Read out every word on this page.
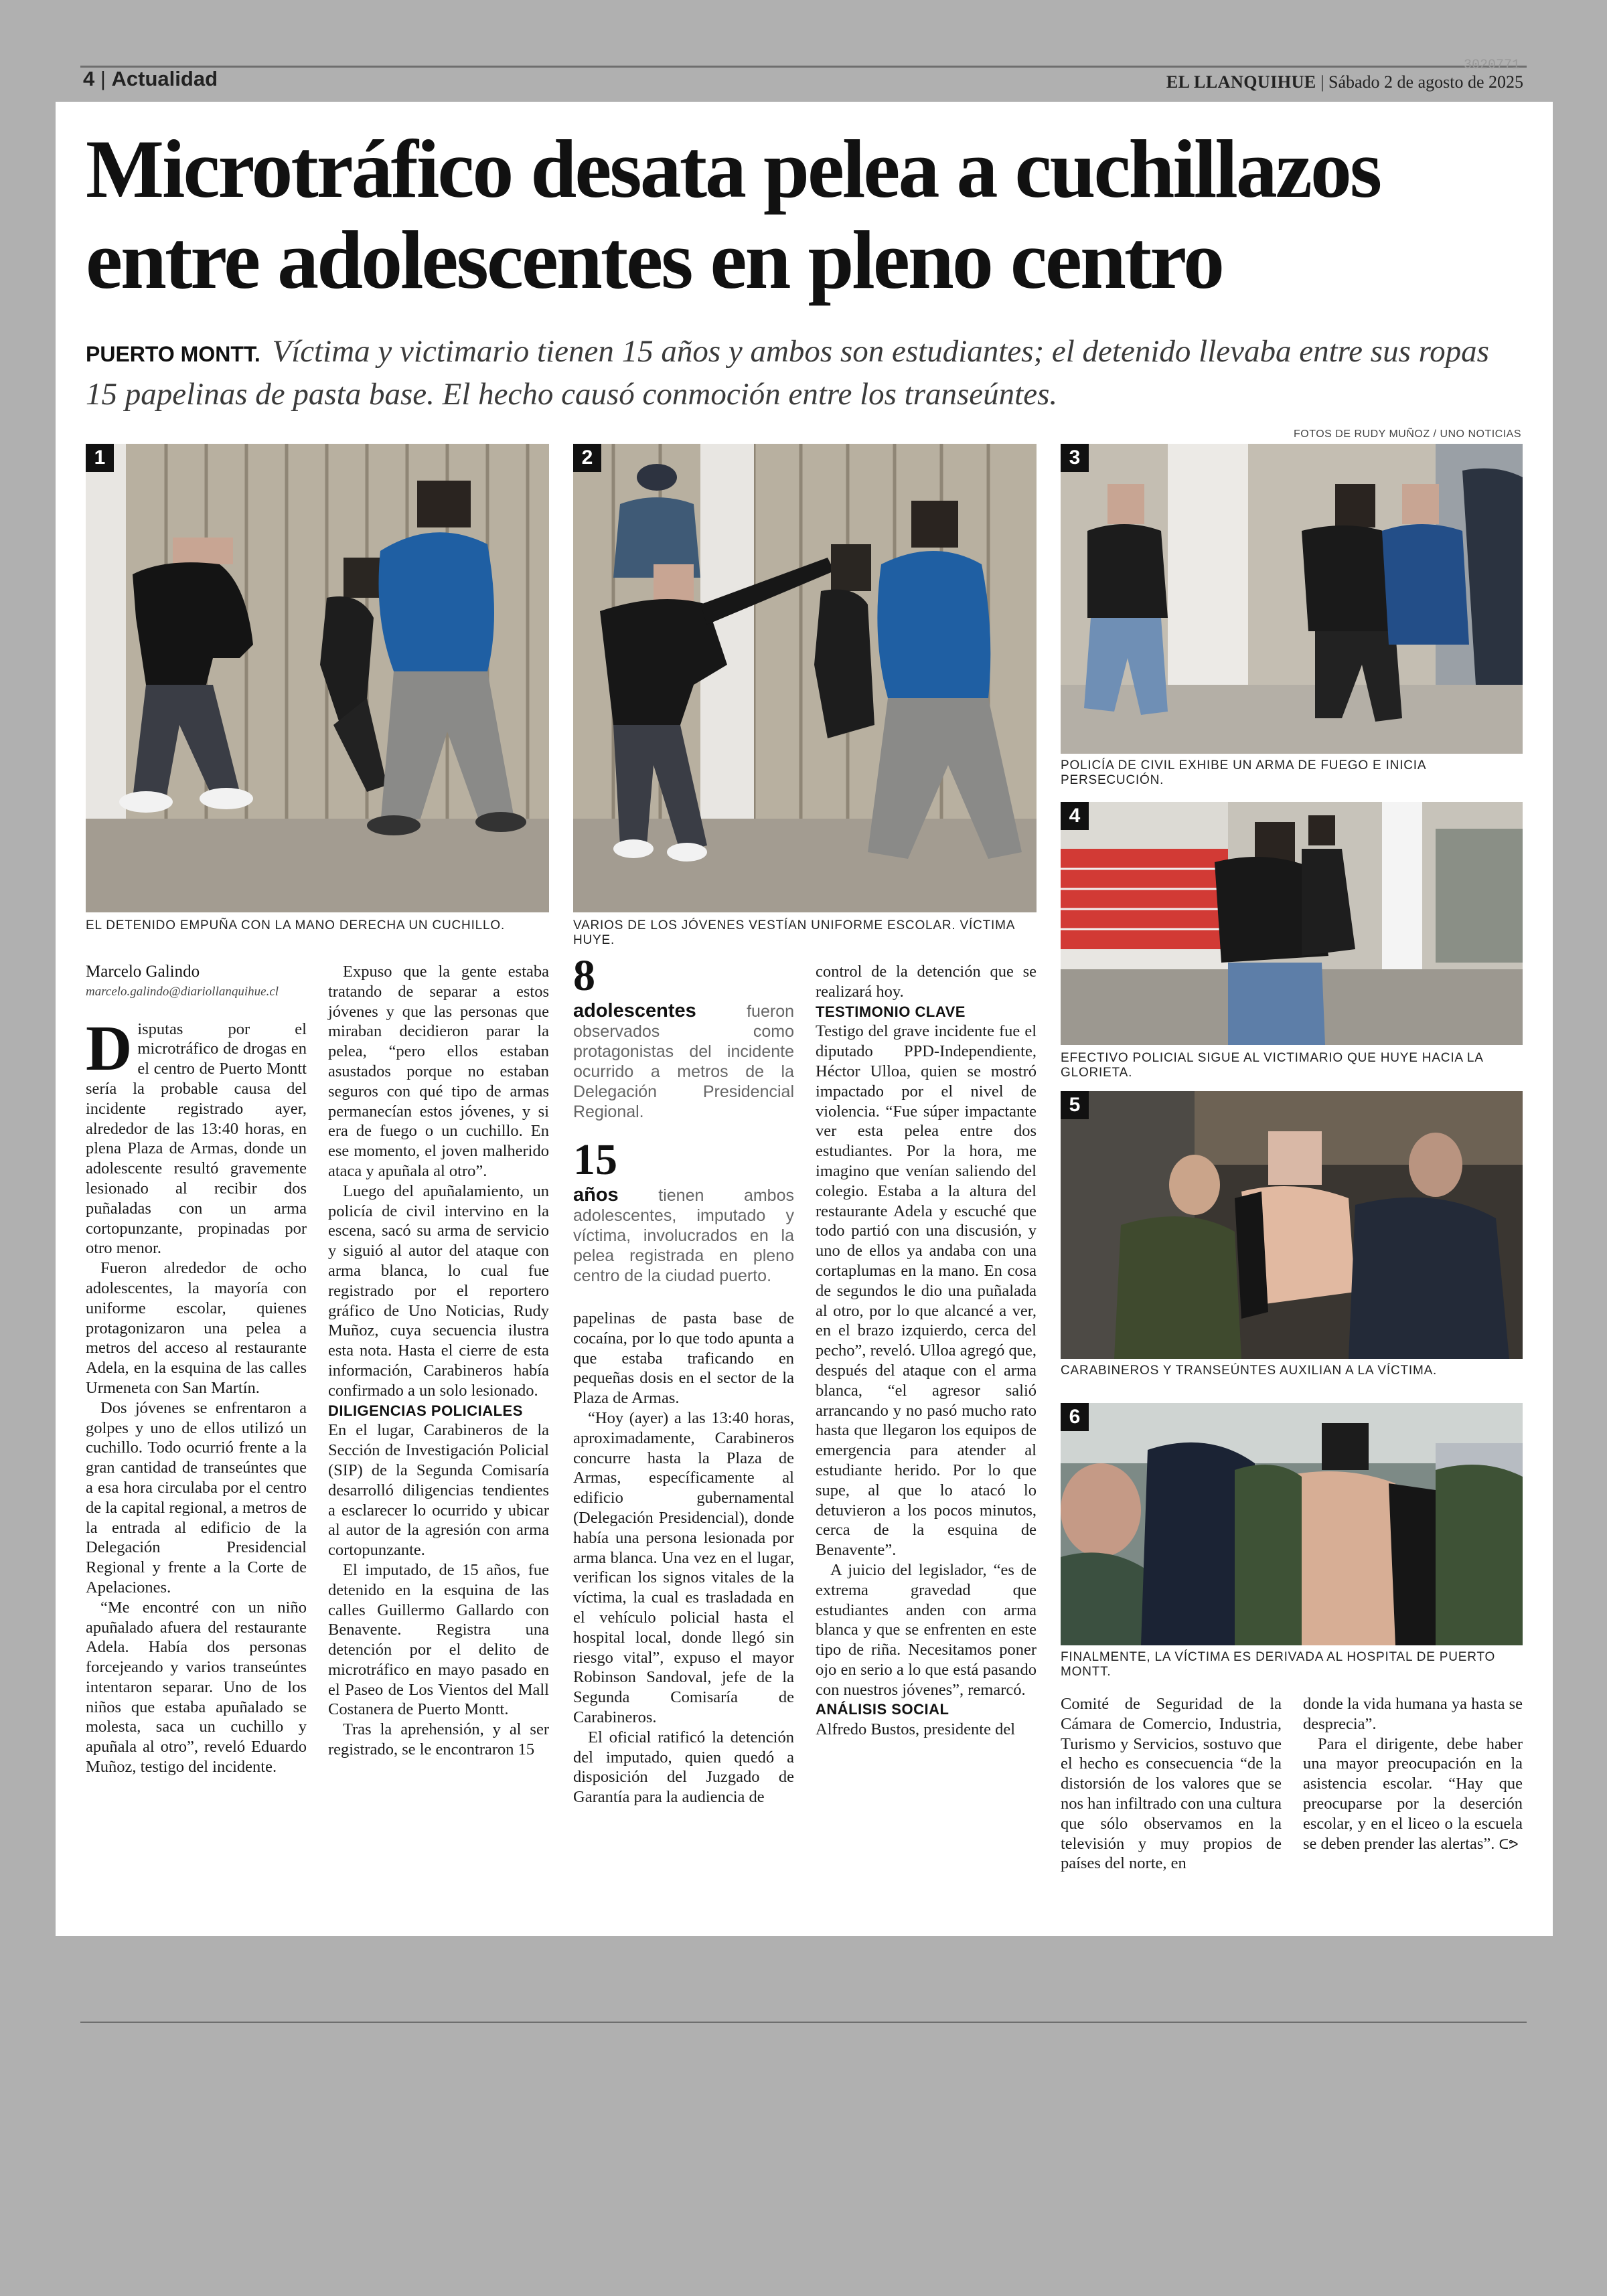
4 | Actualidad
3020771
EL LLANQUIHUE | Sábado 2 de agosto de 2025
Microtráfico desata pelea a cuchillazos entre adolescentes en pleno centro
PUERTO MONTT. Víctima y victimario tienen 15 años y ambos son estudiantes; el detenido llevaba entre sus ropas 15 papelinas de pasta base. El hecho causó conmoción entre los transeúntes.
FOTOS DE RUDY MUÑOZ / UNO NOTICIAS
1
EL DETENIDO EMPUÑA CON LA MANO DERECHA UN CUCHILLO.
2
VARIOS DE LOS JÓVENES VESTÍAN UNIFORME ESCOLAR. VÍCTIMA HUYE.
3
POLICÍA DE CIVIL EXHIBE UN ARMA DE FUEGO E INICIA PERSECUCIÓN.
4
EFECTIVO POLICIAL SIGUE AL VICTIMARIO QUE HUYE HACIA LA GLORIETA.
5
CARABINEROS Y TRANSEÚNTES AUXILIAN A LA VÍCTIMA.
6
FINALMENTE, LA VÍCTIMA ES DERIVADA AL HOSPITAL DE PUERTO MONTT.
Marcelo Galindo
marcelo.galindo@diariollanquihue.cl

Disputas por el microtráfico de drogas en el centro de Puerto Montt sería la probable causa del incidente registrado ayer, alrededor de las 13:40 horas, en plena Plaza de Armas, donde un adolescente resultó gravemente lesionado al recibir dos puñaladas con un arma cortopunzante, propinadas por otro menor.

Fueron alrededor de ocho adolescentes, la mayoría con uniforme escolar, quienes protagonizaron una pelea a metros del acceso al restaurante Adela, en la esquina de las calles Urmeneta con San Martín.

Dos jóvenes se enfrentaron a golpes y uno de ellos utilizó un cuchillo. Todo ocurrió frente a la gran cantidad de transeúntes que a esa hora circulaba por el centro de la capital regional, a metros de la entrada al edificio de la Delegación Presidencial Regional y frente a la Corte de Apelaciones.

“Me encontré con un niño apuñalado afuera del restaurante Adela. Había dos personas forcejeando y varios transeúntes intentaron separar. Uno de los niños que estaba apuñalado se molesta, saca un cuchillo y apuñala al otro”, reveló Eduardo Muñoz, testigo del incidente.

Expuso que la gente estaba tratando de separar a estos jóvenes y que las personas que miraban decidieron parar la pelea, “pero ellos estaban asustados porque no estaban seguros con qué tipo de armas permanecían estos jóvenes, y si era de fuego o un cuchillo. En ese momento, el joven malherido ataca y apuñala al otro”.

Luego del apuñalamiento, un policía de civil intervino en la escena, sacó su arma de servicio y siguió al autor del ataque con arma blanca, lo cual fue registrado por el reportero gráfico de Uno Noticias, Rudy Muñoz, cuya secuencia ilustra esta nota. Hasta el cierre de esta información, Carabineros había confirmado a un solo lesionado.

DILIGENCIAS POLICIALES

En el lugar, Carabineros de la Sección de Investigación Policial (SIP) de la Segunda Comisaría desarrolló diligencias tendientes a esclarecer lo ocurrido y ubicar al autor de la agresión con arma cortopunzante.

El imputado, de 15 años, fue detenido en la esquina de las calles Guillermo Gallardo con Benavente. Registra una detención por el delito de microtráfico en mayo pasado en el Paseo de Los Vientos del Mall Costanera de Puerto Montt.

Tras la aprehensión, y al ser registrado, se le encontraron 15

8
adolescentes	fueron observados como protagonistas del incidente ocurrido a metros de la Delegación Presidencial Regional.
15
años tienen ambos adolescentes, imputado y víctima, involucrados en la pelea registrada en pleno centro de la ciudad puerto.

papelinas de pasta base de cocaína, por lo que todo apunta a que estaba traficando en pequeñas dosis en el sector de la Plaza de Armas.

“Hoy (ayer) a las 13:40 horas, aproximadamente, Carabineros concurre hasta la Plaza de Armas, específicamente al edificio gubernamental (Delegación Presidencial), donde había una persona lesionada por arma blanca. Una vez en el lugar, verifican los signos vitales de la víctima, la cual es trasladada en el vehículo policial hasta el hospital local, donde llegó sin riesgo vital”, expuso el mayor Robinson Sandoval, jefe de la Segunda Comisaría de Carabineros.

El oficial ratificó la detención del imputado, quien quedó a disposición del Juzgado de Garantía para la audiencia de

control de la detención que se realizará hoy.

TESTIMONIO CLAVE

Testigo del grave incidente fue el diputado PPD-Independiente, Héctor Ulloa, quien se mostró impactado por el nivel de violencia. “Fue súper impactante ver esta pelea entre dos estudiantes. Por la hora, me imagino que venían saliendo del colegio. Estaba a la altura del restaurante Adela y escuché que todo partió con una discusión, y uno de ellos ya andaba con una cortaplumas en la mano. En cosa de segundos le dio una puñalada al otro, por lo que alcancé a ver, en el brazo izquierdo, cerca del pecho”, reveló. Ulloa agregó que, después del ataque con el arma blanca, “el agresor salió arrancando y no pasó mucho rato hasta que llegaron los equipos de emergencia para atender al estudiante herido. Por lo que supe, al que lo atacó lo detuvieron a los pocos minutos, cerca de la esquina de Benavente”.

A juicio del legislador, “es de extrema gravedad que estudiantes anden con arma blanca y que se enfrenten en este tipo de riña. Necesitamos poner ojo en serio a lo que está pasando con nuestros jóvenes”, remarcó.

ANÁLISIS SOCIAL

Alfredo Bustos, presidente del

Comité de Seguridad de la Cámara de Comercio, Industria, Turismo y Servicios, sostuvo que el hecho es consecuencia “de la distorsión de los valores que se nos han infiltrado con una cultura que sólo observamos en la televisión y muy propios de países del norte, en

donde la vida humana ya hasta se desprecia”.

Para el dirigente, debe haber una mayor preocupación en la asistencia escolar. “Hay que preocuparse por la deserción escolar, y en el liceo o la escuela se deben prender las alertas”. ᑕᕗ
